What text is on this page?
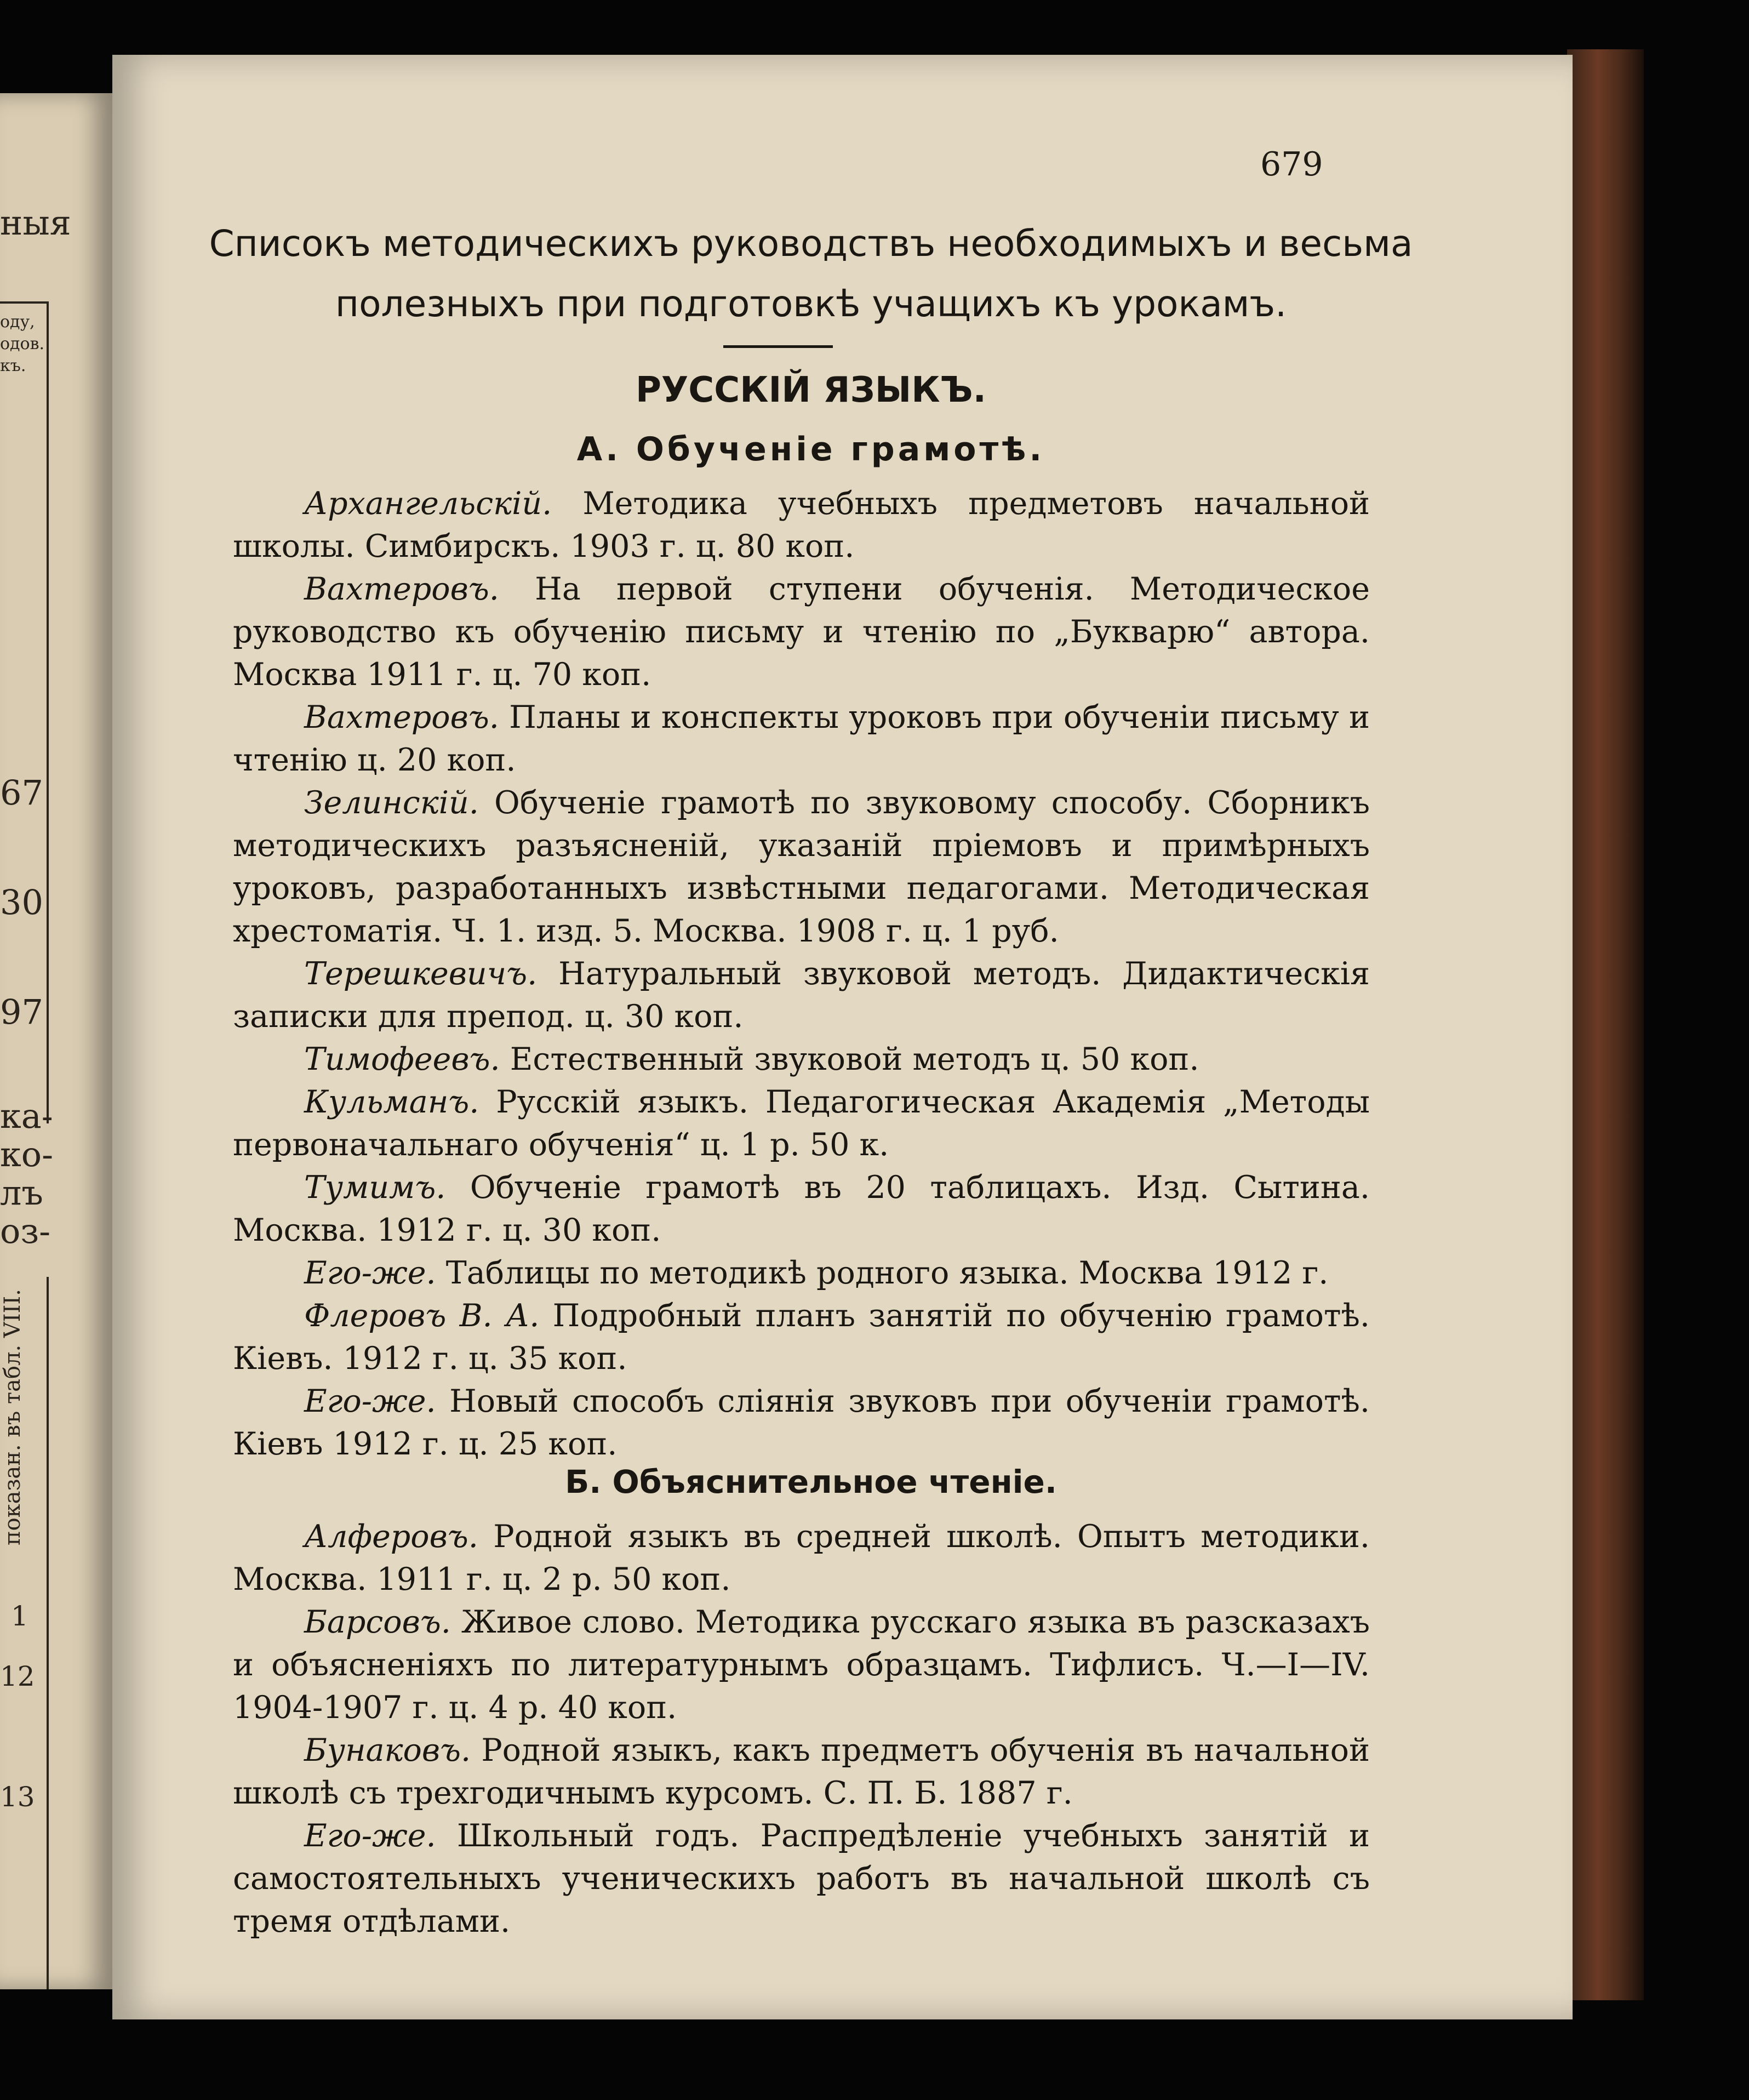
ныя
оду,
одов.
къ.
67
30
97
ка-
ко-
лъ
оз-
показан. въ табл. VIII.
1
12
13
679
Списокъ методическихъ руководствъ необходимыхъ и весьма
полезныхъ при подготовкѣ учащихъ къ урокамъ.
РУССКІЙ ЯЗЫКЪ.
А. Обученіе грамотѣ.

Архангельскій. Методика учебныхъ предметовъ начальной школы. Симбирскъ. 1903 г. ц. 80 коп.

Вахтеровъ. На первой ступени обученія. Методическое руководство къ обученію письму и чтенію по „Букварю“ автора. Москва 1911 г. ц. 70 коп.

Вахтеровъ. Планы и конспекты уроковъ при обученіи письму и чтенію ц. 20 коп.

Зелинскій. Обученіе грамотѣ по звуковому способу. Сборникъ методическихъ разъясненій, указаній пріемовъ и примѣрныхъ уроковъ, разработанныхъ извѣстными педагогами. Методическая хрестоматія. Ч. 1. изд. 5. Москва. 1908 г. ц. 1 руб.

Терешкевичъ. Натуральный звуковой методъ. Дидактическія записки для препод. ц. 30 коп.

Тимофеевъ. Естественный звуковой методъ ц. 50 коп.

Кульманъ. Русскій языкъ. Педагогическая Академія „Методы первоначальнаго обученія“ ц. 1 р. 50 к.

Тумимъ. Обученіе грамотѣ въ 20 таблицахъ. Изд. Сытина. Москва. 1912 г. ц. 30 коп.

Его-же. Таблицы по методикѣ родного языка. Москва 1912 г.

Флеровъ В. А. Подробный планъ занятій по обученію грамотѣ. Кіевъ. 1912 г. ц. 35 коп.

Его-же. Новый способъ сліянія звуковъ при обученіи грамотѣ. Кіевъ 1912 г. ц. 25 коп.

Б. Объяснительное чтеніе.

Алферовъ. Родной языкъ въ средней школѣ. Опытъ методики. Москва. 1911 г. ц. 2 р. 50 коп.

Барсовъ. Живое слово. Методика русскаго языка въ разсказахъ и объясненіяхъ по литературнымъ образцамъ. Тифлисъ. Ч.—I—IV. 1904-1907 г. ц. 4 р. 40 коп.

Бунаковъ. Родной языкъ, какъ предметъ обученія въ начальной школѣ съ трехгодичнымъ курсомъ. С. П. Б. 1887 г.

Его-же. Школьный годъ. Распредѣленіе учебныхъ занятій и самостоятельныхъ ученическихъ работъ въ начальной школѣ съ тремя отдѣлами.
